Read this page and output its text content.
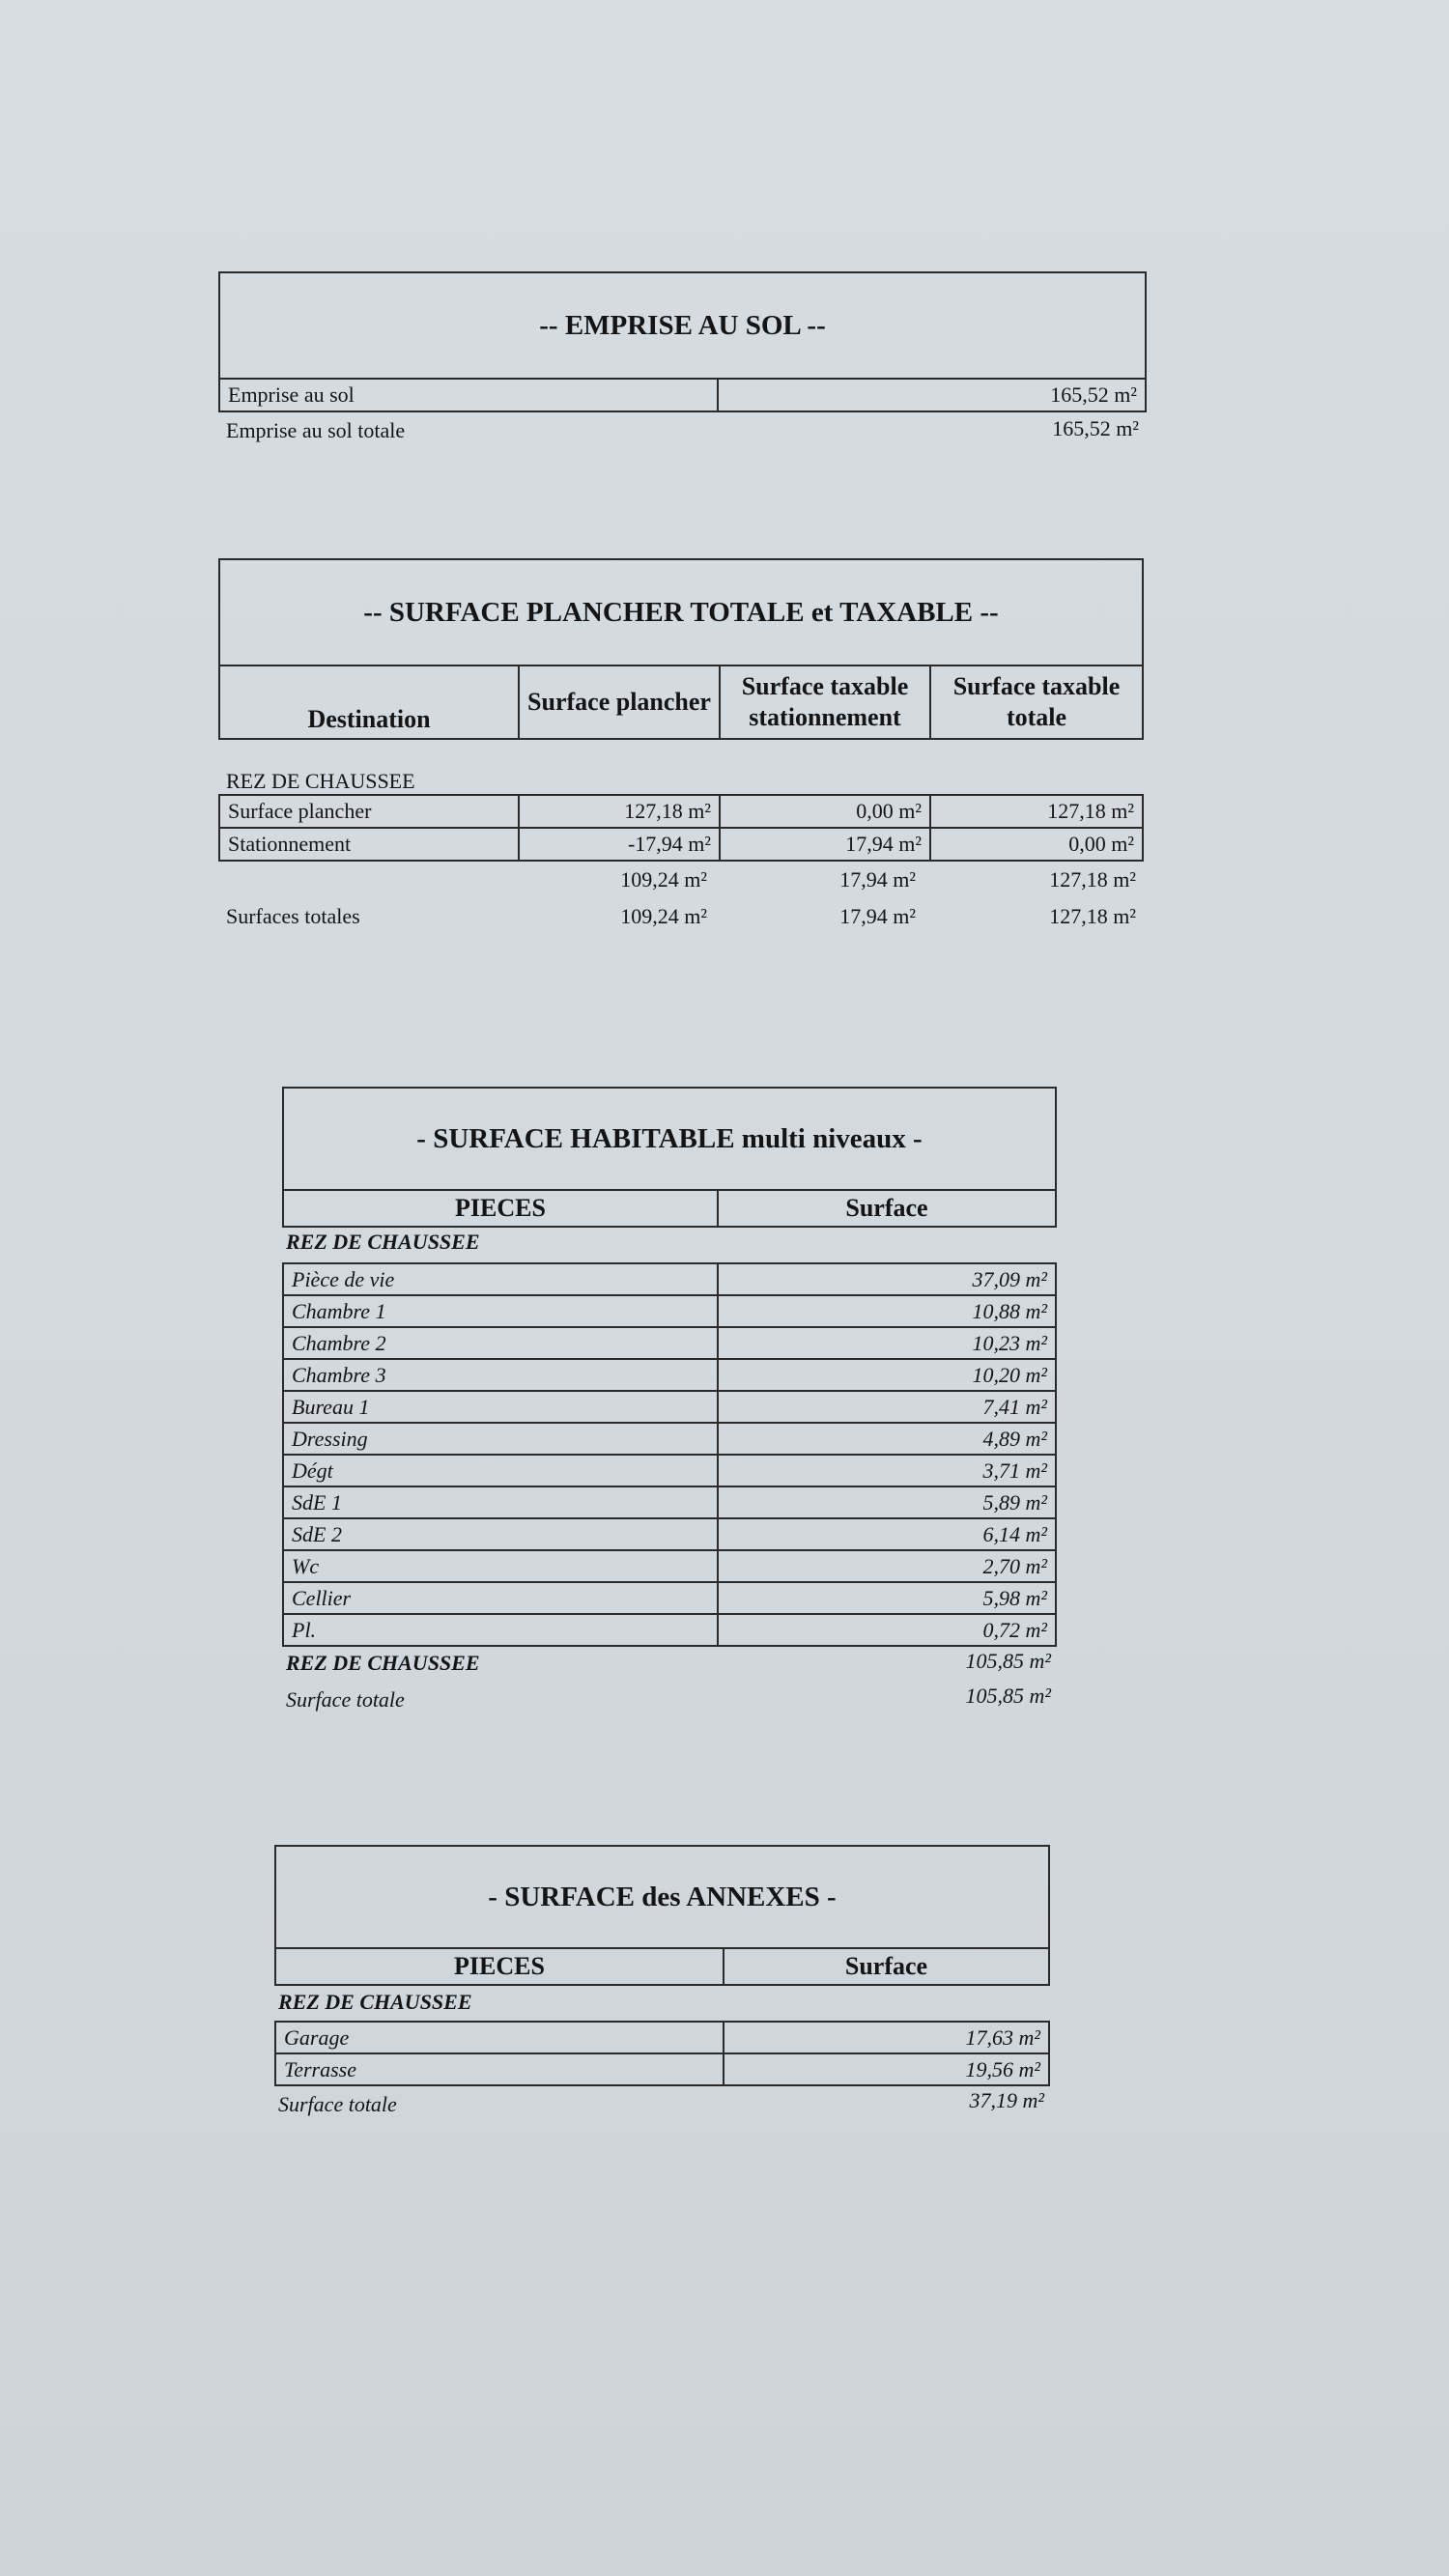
-- EMPRISE AU SOL --
Emprise au sol	165,52 m²
Emprise au sol totale	165,52 m²
-- SURFACE PLANCHER TOTALE et TAXABLE --
Destination	Surface plancher	Surface taxable stationnement	Surface taxable totale
REZ DE CHAUSSEE
Surface plancher	127,18 m²	0,00 m²	127,18 m²
Stationnement	-17,94 m²	17,94 m²	0,00 m²
	109,24 m²	17,94 m²	127,18 m²
Surfaces totales	109,24 m²	17,94 m²	127,18 m²
- SURFACE HABITABLE multi niveaux -
PIECES	Surface
REZ DE CHAUSSEE
Pièce de vie	37,09 m²
Chambre 1	10,88 m²
Chambre 2	10,23 m²
Chambre 3	10,20 m²
Bureau 1	7,41 m²
Dressing	4,89 m²
Dégt	3,71 m²
SdE 1	5,89 m²
SdE 2	6,14 m²
Wc	2,70 m²
Cellier	5,98 m²
Pl.	0,72 m²
REZ DE CHAUSSEE	105,85 m²
Surface totale	105,85 m²
- SURFACE des ANNEXES -
PIECES	Surface
REZ DE CHAUSSEE
Garage	17,63 m²
Terrasse	19,56 m²
Surface totale	37,19 m²
